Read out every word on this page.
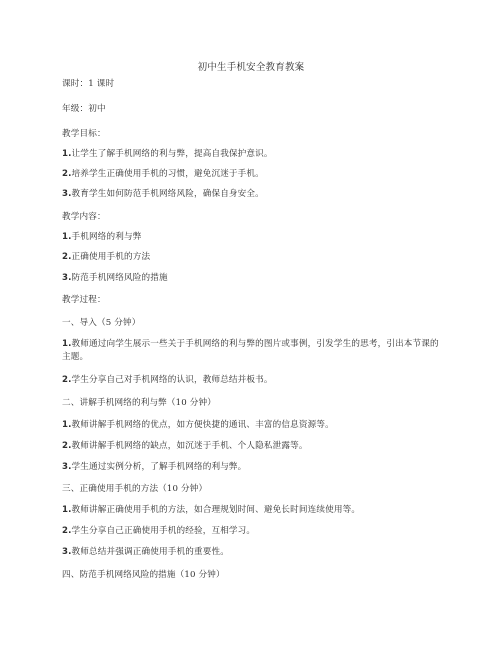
初中生手机安全教育教案
课时：1 课时
年级：初中
教学目标：
1.让学生了解手机网络的利与弊，提高自我保护意识。
2.培养学生正确使用手机的习惯，避免沉迷于手机。
3.教育学生如何防范手机网络风险，确保自身安全。
教学内容：
1.手机网络的利与弊
2.正确使用手机的方法
3.防范手机网络风险的措施
教学过程：
一、导入（5 分钟）
1.教师通过向学生展示一些关于手机网络的利与弊的图片或事例，引发学生的思考，引出本节课的主题。
2.学生分享自己对手机网络的认识，教师总结并板书。
二、讲解手机网络的利与弊（10 分钟）
1.教师讲解手机网络的优点，如方便快捷的通讯、丰富的信息资源等。
2.教师讲解手机网络的缺点，如沉迷于手机、个人隐私泄露等。
3.学生通过实例分析，了解手机网络的利与弊。
三、正确使用手机的方法（10 分钟）
1.教师讲解正确使用手机的方法，如合理规划时间、避免长时间连续使用等。
2.学生分享自己正确使用手机的经验，互相学习。
3.教师总结并强调正确使用手机的重要性。
四、防范手机网络风险的措施（10 分钟）
